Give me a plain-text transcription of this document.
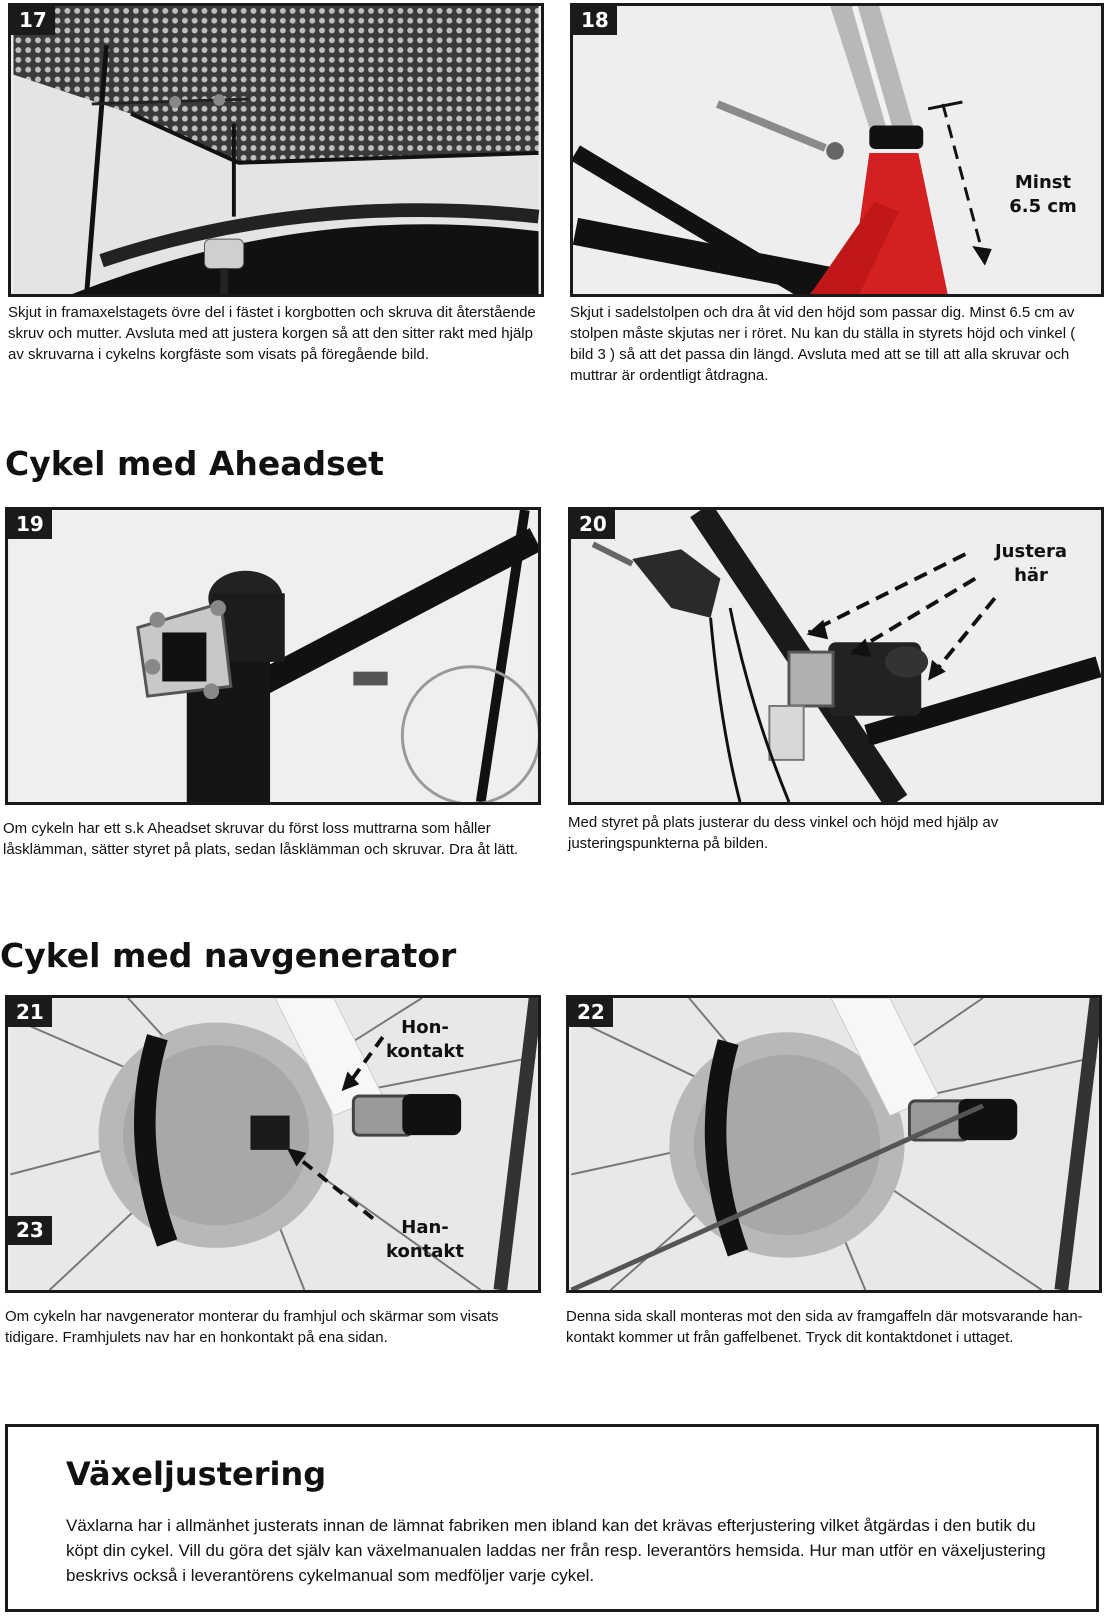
17

Skjut in framaxelstagets övre del i fästet i korgbotten och skruva dit återstående skruv och mutter. Avsluta med att justera korgen så att den sitter rakt med hjälp av skruvarna i cykelns korgfäste som visats på föregående bild.

18
Minst 6.5 cm

Skjut i sadelstolpen och dra åt vid den höjd som passar dig. Minst 6.5 cm av stolpen måste skjutas ner i röret. Nu kan du ställa in styrets höjd och vinkel ( bild 3 ) så att det passa din längd. Avsluta med att se till att alla skruvar och muttrar är ordentligt åtdragna.

Cykel med Aheadset
19

Om cykeln har ett s.k Aheadset skruvar du först loss muttrarna som håller låsklämman, sätter styret på plats, sedan låsklämman och skruvar. Dra åt lätt.

20
Justera här

Med styret på plats justerar du dess vinkel och höjd med hjälp av justeringspunkterna på bilden.

Cykel med navgenerator
21
23
Hon-kontakt
Han-kontakt

Om cykeln har navgenerator monterar du framhjul och skärmar som visats tidigare. Framhjulets nav har en honkontakt på ena sidan.

22

Denna sida skall monteras mot den sida av framgaffeln där motsvarande han-kontakt kommer ut från gaffelbenet. Tryck dit kontaktdonet i uttaget.

Växeljustering

Växlarna har i allmänhet justerats innan de lämnat fabriken men ibland kan det krävas efterjustering vilket åtgärdas i den butik du köpt din cykel. Vill du göra det själv kan växelmanualen laddas ner från resp. leverantörs hemsida. Hur man utför en växeljustering beskrivs också i leverantörens cykelmanual som medföljer varje cykel.
